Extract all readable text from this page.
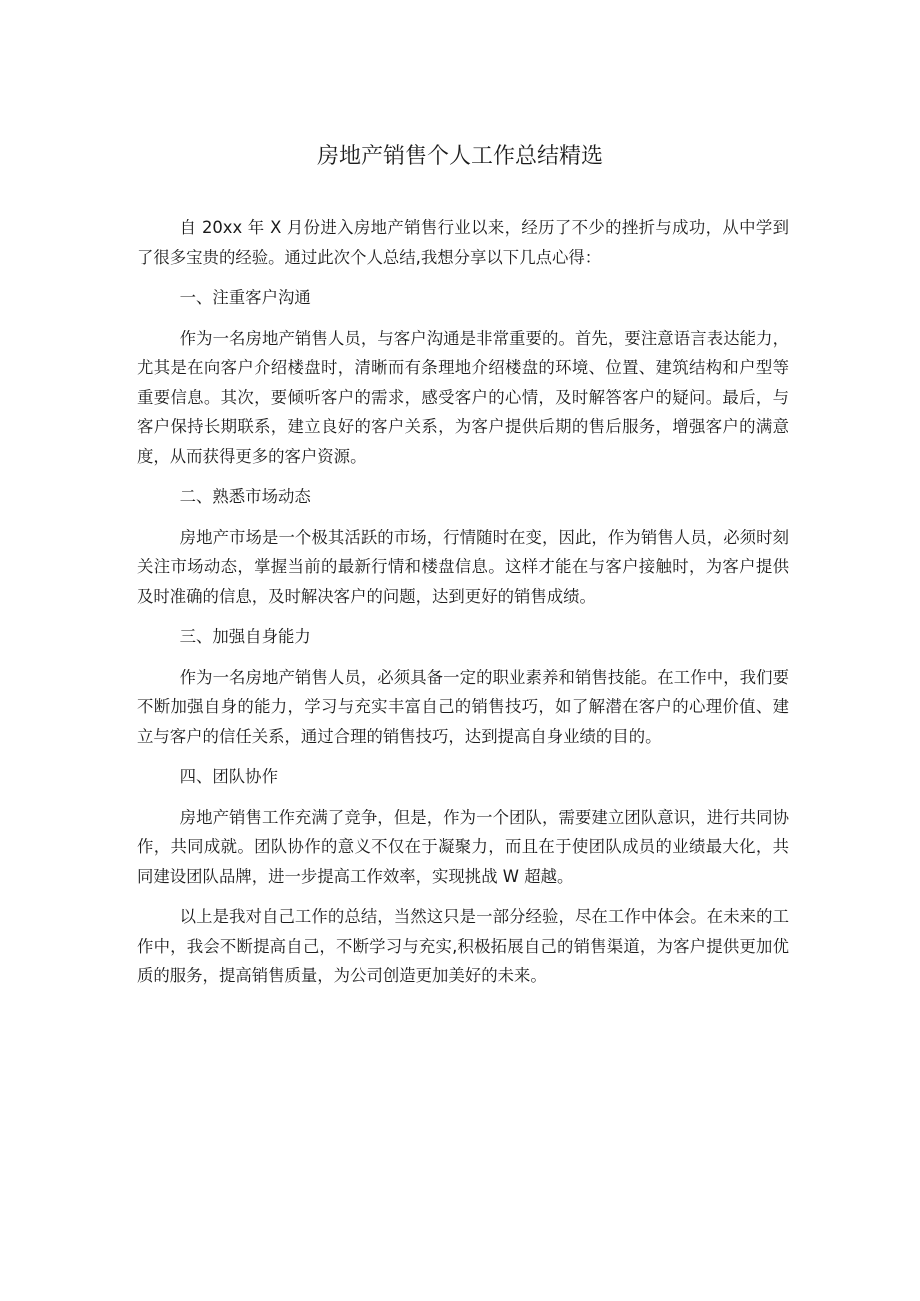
房地产销售个人工作总结精选

自 20xx 年 X 月份进入房地产销售行业以来，经历了不少的挫折与成功，从中学到了很多宝贵的经验。通过此次个人总结,我想分享以下几点心得：

一、注重客户沟通

作为一名房地产销售人员，与客户沟通是非常重要的。首先，要注意语言表达能力，尤其是在向客户介绍楼盘时，清晰而有条理地介绍楼盘的环境、位置、建筑结构和户型等重要信息。其次，要倾听客户的需求，感受客户的心情，及时解答客户的疑问。最后，与客户保持长期联系，建立良好的客户关系，为客户提供后期的售后服务，增强客户的满意度，从而获得更多的客户资源。

二、熟悉市场动态

房地产市场是一个极其活跃的市场，行情随时在变，因此，作为销售人员，必须时刻关注市场动态，掌握当前的最新行情和楼盘信息。这样才能在与客户接触时，为客户提供及时准确的信息，及时解决客户的问题，达到更好的销售成绩。

三、加强自身能力

作为一名房地产销售人员，必须具备一定的职业素养和销售技能。在工作中，我们要不断加强自身的能力，学习与充实丰富自己的销售技巧，如了解潜在客户的心理价值、建立与客户的信任关系，通过合理的销售技巧，达到提高自身业绩的目的。

四、团队协作

房地产销售工作充满了竞争，但是，作为一个团队，需要建立团队意识，进行共同协作，共同成就。团队协作的意义不仅在于凝聚力，而且在于使团队成员的业绩最大化，共同建设团队品牌，进一步提高工作效率，实现挑战 W 超越。

以上是我对自己工作的总结，当然这只是一部分经验，尽在工作中体会。在未来的工作中，我会不断提高自己，不断学习与充实,积极拓展自己的销售渠道，为客户提供更加优质的服务，提高销售质量，为公司创造更加美好的未来。
